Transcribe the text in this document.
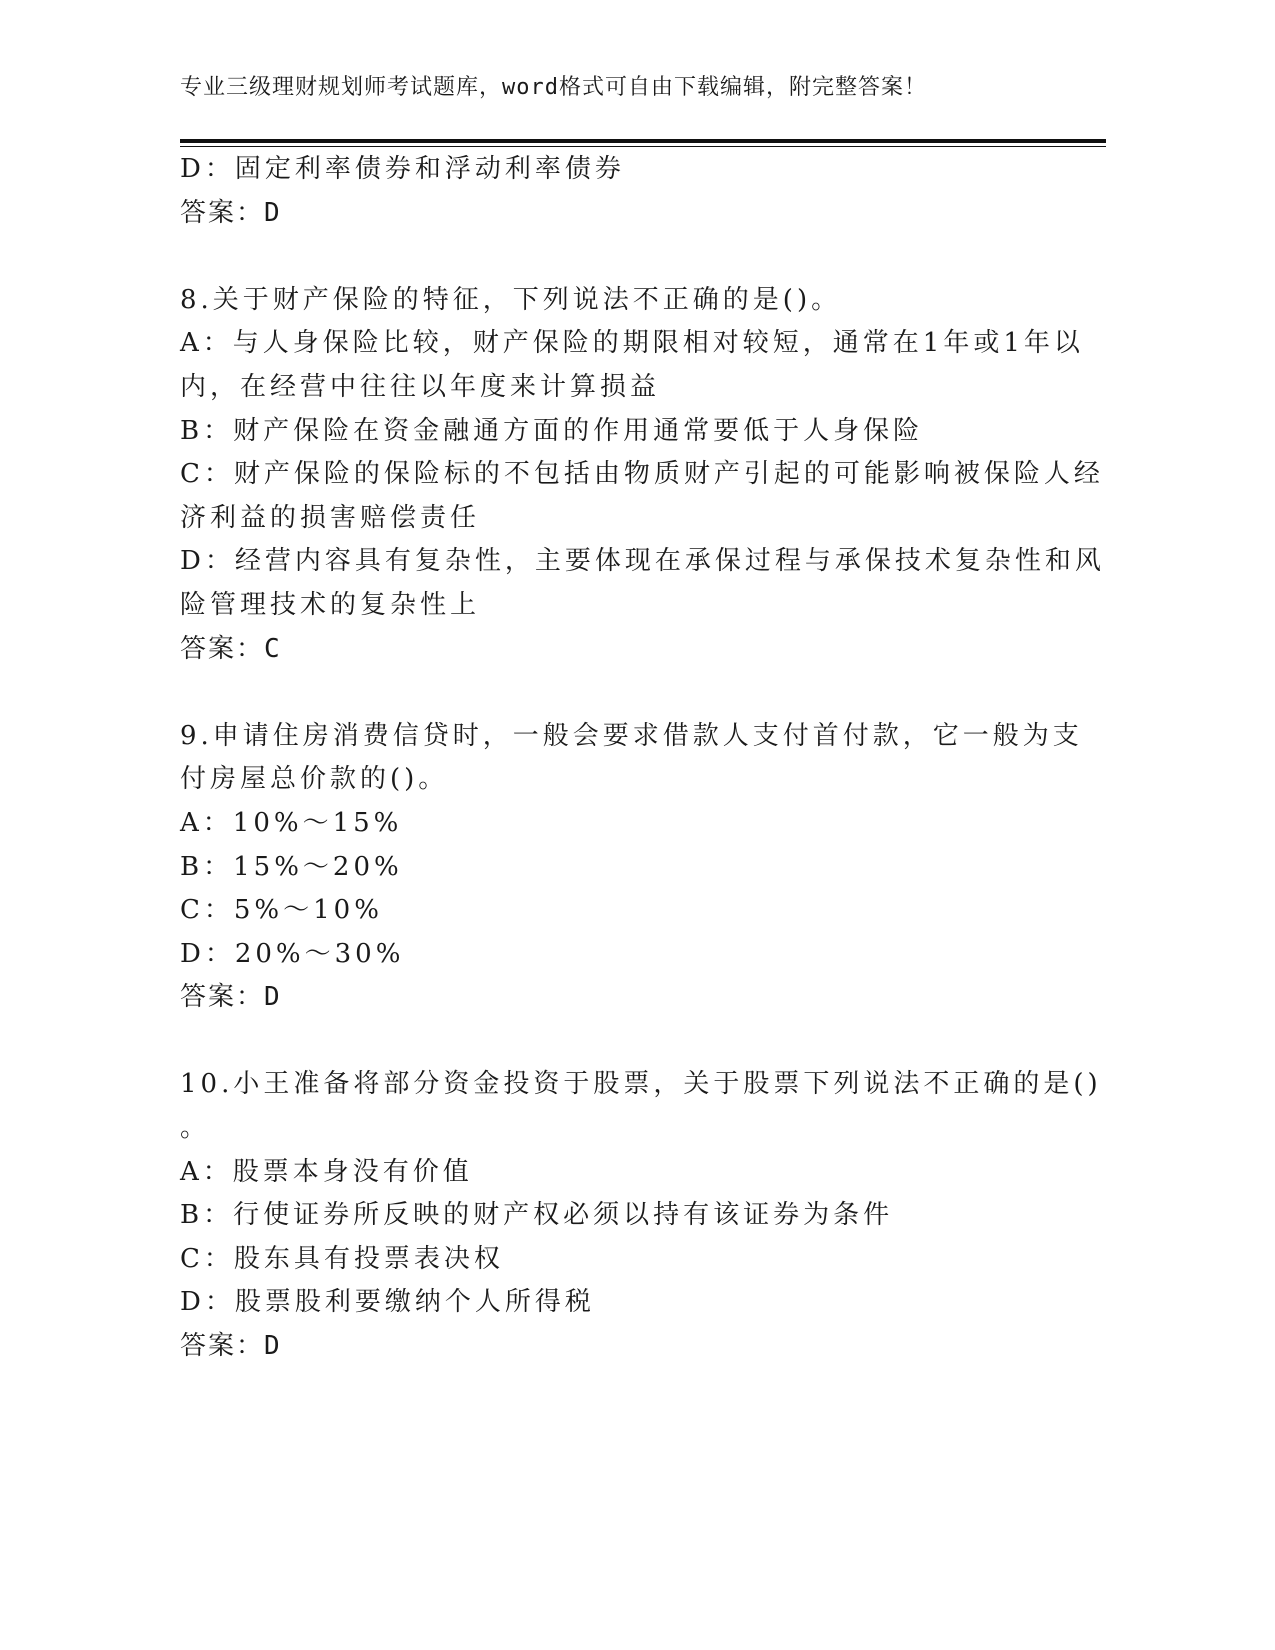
专业三级理财规划师考试题库，word格式可自由下载编辑，附完整答案！
D：固定利率债券和浮动利率债券
答案：D
8.关于财产保险的特征，下列说法不正确的是()。
A：与人身保险比较，财产保险的期限相对较短，通常在1年或1年以
内，在经营中往往以年度来计算损益
B：财产保险在资金融通方面的作用通常要低于人身保险
C：财产保险的保险标的不包括由物质财产引起的可能影响被保险人经
济利益的损害赔偿责任
D：经营内容具有复杂性，主要体现在承保过程与承保技术复杂性和风
险管理技术的复杂性上
答案：C
9.申请住房消费信贷时，一般会要求借款人支付首付款，它一般为支
付房屋总价款的()。
A：10%～15%
B：15%～20%
C：5%～10%
D：20%～30%
答案：D
10.小王准备将部分资金投资于股票，关于股票下列说法不正确的是()
。
A：股票本身没有价值
B：行使证券所反映的财产权必须以持有该证券为条件
C：股东具有投票表决权
D：股票股利要缴纳个人所得税
答案：D
